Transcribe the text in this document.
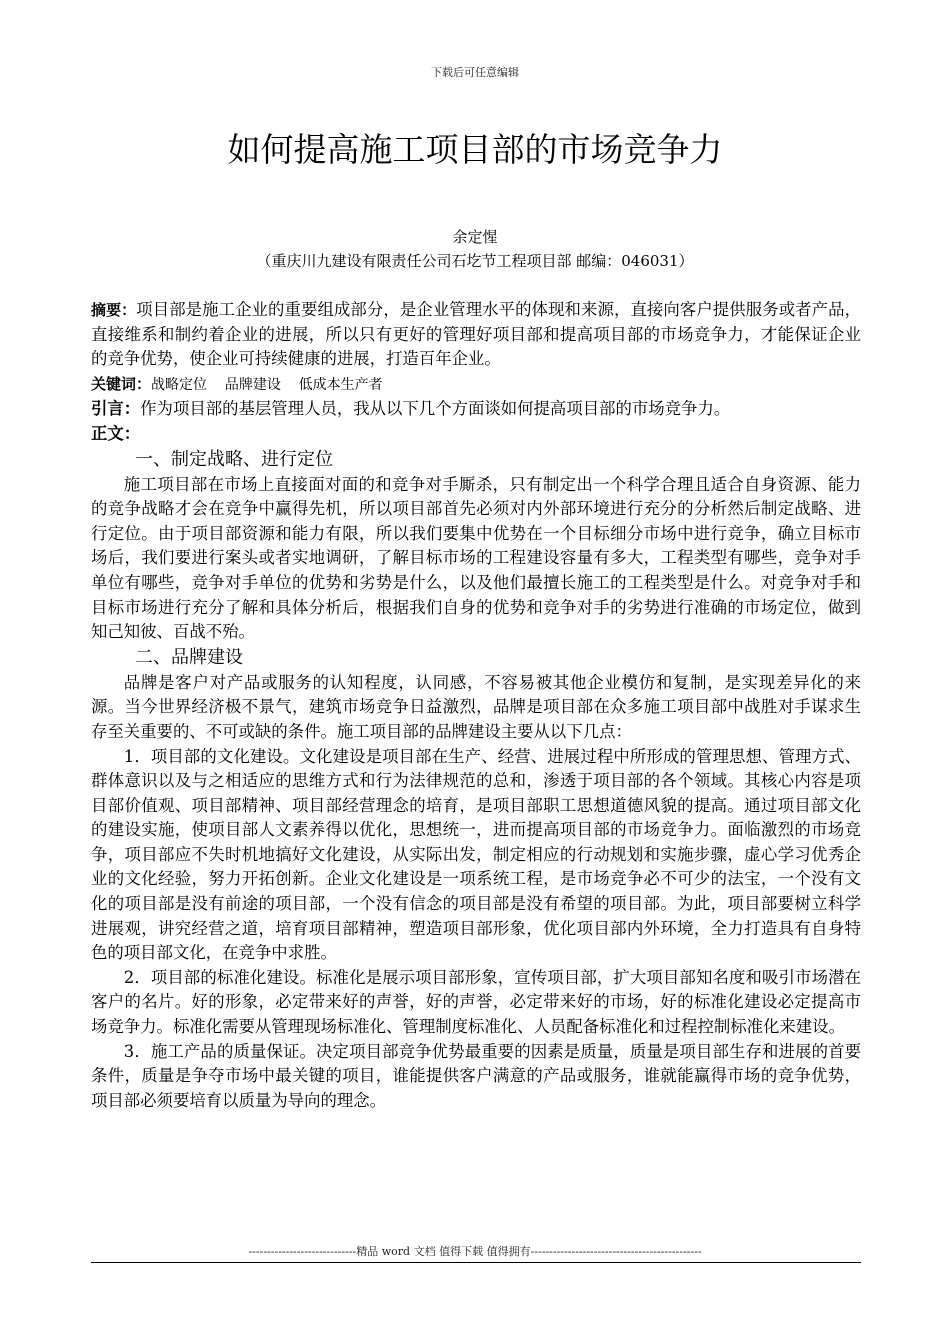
下载后可任意编辑
如何提高施工项目部的市场竞争力
余定惺
（重庆川九建设有限责任公司石圪节工程项目部 邮编：046031）

摘要：项目部是施工企业的重要组成部分，是企业管理水平的体现和来源，直接向客户提供服务或者产品，直接维系和制约着企业的进展，所以只有更好的管理好项目部和提高项目部的市场竞争力，才能保证企业的竞争优势，使企业可持续健康的进展，打造百年企业。

关键词：战略定位    品牌建设    低成本生产者

引言：作为项目部的基层管理人员，我从以下几个方面谈如何提高项目部的市场竞争力。

正文：

一、制定战略、进行定位

施工项目部在市场上直接面对面的和竞争对手厮杀，只有制定出一个科学合理且适合自身资源、能力的竞争战略才会在竞争中赢得先机，所以项目部首先必须对内外部环境进行充分的分析然后制定战略、进行定位。由于项目部资源和能力有限，所以我们要集中优势在一个目标细分市场中进行竞争，确立目标市场后，我们要进行案头或者实地调研，了解目标市场的工程建设容量有多大，工程类型有哪些，竞争对手单位有哪些，竞争对手单位的优势和劣势是什么，以及他们最擅长施工的工程类型是什么。对竞争对手和目标市场进行充分了解和具体分析后，根据我们自身的优势和竞争对手的劣势进行准确的市场定位，做到知己知彼、百战不殆。

二、品牌建设

品牌是客户对产品或服务的认知程度，认同感，不容易被其他企业模仿和复制，是实现差异化的来源。当今世界经济极不景气，建筑市场竞争日益激烈，品牌是项目部在众多施工项目部中战胜对手谋求生存至关重要的、不可或缺的条件。施工项目部的品牌建设主要从以下几点：

1．项目部的文化建设。文化建设是项目部在生产、经营、进展过程中所形成的管理思想、管理方式、群体意识以及与之相适应的思维方式和行为法律规范的总和，渗透于项目部的各个领域。其核心内容是项目部价值观、项目部精神、项目部经营理念的培育，是项目部职工思想道德风貌的提高。通过项目部文化的建设实施，使项目部人文素养得以优化，思想统一，进而提高项目部的市场竞争力。面临激烈的市场竞争，项目部应不失时机地搞好文化建设，从实际出发，制定相应的行动规划和实施步骤，虚心学习优秀企业的文化经验，努力开拓创新。企业文化建设是一项系统工程，是市场竞争必不可少的法宝，一个没有文化的项目部是没有前途的项目部，一个没有信念的项目部是没有希望的项目部。为此，项目部要树立科学进展观，讲究经营之道，培育项目部精神，塑造项目部形象，优化项目部内外环境，全力打造具有自身特色的项目部文化，在竞争中求胜。

2．项目部的标准化建设。标准化是展示项目部形象，宣传项目部，扩大项目部知名度和吸引市场潜在客户的名片。好的形象，必定带来好的声誉，好的声誉，必定带来好的市场，好的标准化建设必定提高市场竞争力。标准化需要从管理现场标准化、管理制度标准化、人员配备标准化和过程控制标准化来建设。

3．施工产品的质量保证。决定项目部竞争优势最重要的因素是质量，质量是项目部生存和进展的首要条件，质量是争夺市场中最关键的项目，谁能提供客户满意的产品或服务，谁就能赢得市场的竞争优势，项目部必须要培育以质量为导向的理念。

-----------------------------精品 word 文档 值得下载 值得拥有----------------------------------------------
